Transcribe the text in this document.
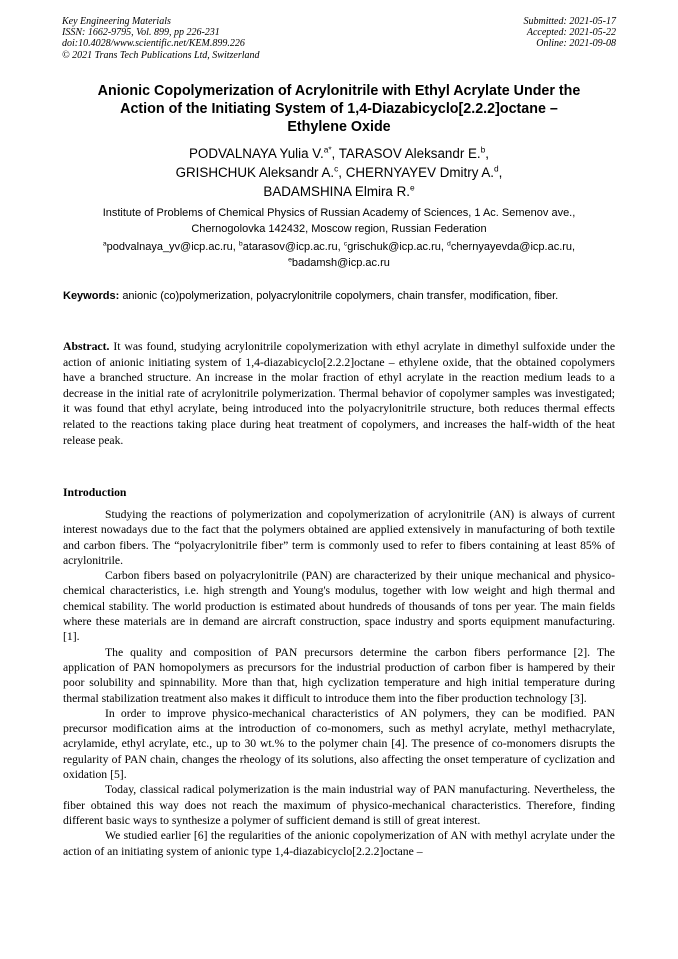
Key Engineering Materials
ISSN: 1662-9795, Vol. 899, pp 226-231
doi:10.4028/www.scientific.net/KEM.899.226
© 2021 Trans Tech Publications Ltd, Switzerland
Submitted: 2021-05-17
Accepted: 2021-05-22
Online: 2021-09-08
Anionic Copolymerization of Acrylonitrile with Ethyl Acrylate Under the
Action of the Initiating System of 1,4-Diazabicyclo[2.2.2]octane –
Ethylene Oxide
PODVALNAYA Yulia V.$^{a*}$, TARASOV Aleksandr E.$^b$,
GRISHCHUK Aleksandr A.$^c$, CHERNYAYEV Dmitry A.$^d$,
BADAMSHINA Elmira R.$^e$
Institute of Problems of Chemical Physics of Russian Academy of Sciences, 1 Ac. Semenov ave.,
Chernogolovka 142432, Moscow region, Russian Federation
$^a$podvalnaya_yv@icp.ac.ru, $^b$atarasov@icp.ac.ru, $^c$grischuk@icp.ac.ru, $^d$chernyayevda@icp.ac.ru,
$^e$badamsh@icp.ac.ru
Keywords: anionic (co)polymerization, polyacrylonitrile copolymers, chain transfer, modification, fiber.
Abstract. It was found, studying acrylonitrile copolymerization with ethyl acrylate in dimethyl sulfoxide under the action of anionic initiating system of 1,4-diazabicyclo[2.2.2]octane – ethylene oxide, that the obtained copolymers have a branched structure. An increase in the molar fraction of ethyl acrylate in the reaction medium leads to a decrease in the initial rate of acrylonitrile polymerization. Thermal behavior of copolymer samples was investigated; it was found that ethyl acrylate, being introduced into the polyacrylonitrile structure, both reduces thermal effects related to the reactions taking place during heat treatment of copolymers, and increases the half-width of the heat release peak.
Introduction

Studying the reactions of polymerization and copolymerization of acrylonitrile (AN) is always of current interest nowadays due to the fact that the polymers obtained are applied extensively in manufacturing of both textile and carbon fibers. The “polyacrylonitrile fiber” term is commonly used to refer to fibers containing at least 85% of acrylonitrile.

Carbon fibers based on polyacrylonitrile (PAN) are characterized by their unique mechanical and physico-chemical characteristics, i.e. high strength and Young's modulus, together with low weight and high thermal and chemical stability. The world production is estimated about hundreds of thousands of tons per year. The main fields where these materials are in demand are aircraft construction, space industry and sports equipment manufacturing. [1].

The quality and composition of PAN precursors determine the carbon fibers performance [2]. The application of PAN homopolymers as precursors for the industrial production of carbon fiber is hampered by their poor solubility and spinnability. More than that, high cyclization temperature and high initial temperature during thermal stabilization treatment also makes it difficult to introduce them into the fiber production technology [3].

In order to improve physico-mechanical characteristics of AN polymers, they can be modified. PAN precursor modification aims at the introduction of co-monomers, such as methyl acrylate, methyl methacrylate, acrylamide, ethyl acrylate, etc., up to 30 wt.% to the polymer chain [4]. The presence of co-monomers disrupts the regularity of PAN chain, changes the rheology of its solutions, also affecting the onset temperature of cyclization and oxidation [5].

Today, classical radical polymerization is the main industrial way of PAN manufacturing. Nevertheless, the fiber obtained this way does not reach the maximum of physico-mechanical characteristics. Therefore, finding different basic ways to synthesize a polymer of sufficient demand is still of great interest.

We studied earlier [6] the regularities of the anionic copolymerization of AN with methyl acrylate under the action of an initiating system of anionic type 1,4-diazabicyclo[2.2.2]octane –
